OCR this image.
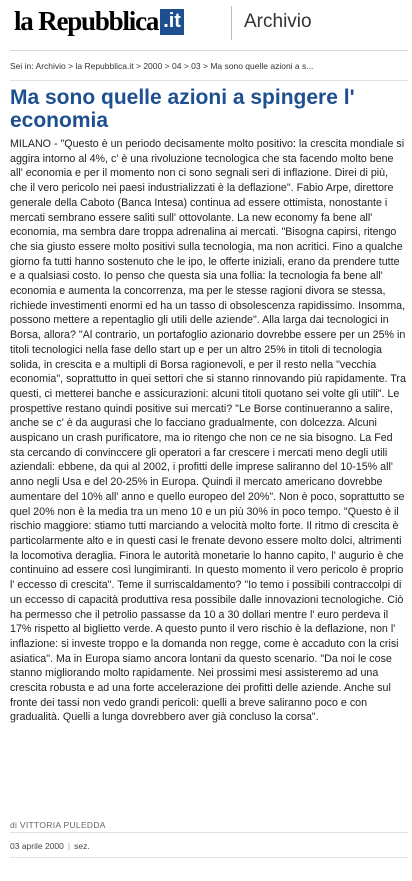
la Repubblica .it	Archivio
Sei in: Archivio > la Repubblica.it > 2000 > 04 > 03 > Ma sono quelle azioni a s...
Ma sono quelle azioni a spingere l' economia

MILANO - "Questo è un periodo decisamente molto positivo: la crescita mondiale si aggira intorno al 4%, c' è una rivoluzione tecnologica che sta facendo molto bene all' economia e per il momento non ci sono segnali seri di inflazione. Direi di più, che il vero pericolo nei paesi industrializzati è la deflazione". Fabio Arpe, direttore generale della Caboto (Banca Intesa) continua ad essere ottimista, nonostante i mercati sembrano essere saliti sull' ottovolante. La new economy fa bene all' economia, ma sembra dare troppa adrenalina ai mercati. "Bisogna capirsi, ritengo che sia giusto essere molto positivi sulla tecnologia, ma non acritici. Fino a qualche giorno fa tutti hanno sostenuto che le ipo, le offerte iniziali, erano da prendere tutte e a qualsiasi costo. Io penso che questa sia una follia: la tecnologia fa bene all' economia e aumenta la concorrenza, ma per le stesse ragioni divora se stessa, richiede investimenti enormi ed ha un tasso di obsolescenza rapidissimo. Insomma, possono mettere a repentaglio gli utili delle aziende". Alla larga dai tecnologici in Borsa, allora? "Al contrario, un portafoglio azionario dovrebbe essere per un 25% in titoli tecnologici nella fase dello start up e per un altro 25% in titoli di tecnologia solida, in crescita e a multipli di Borsa ragionevoli, e per il resto nella "vecchia economia", soprattutto in quei settori che si stanno rinnovando più rapidamente. Tra questi, ci metterei banche e assicurazioni: alcuni titoli quotano sei volte gli utili". Le prospettive restano quindi positive sui mercati? "Le Borse continueranno a salire, anche se c' è da augurasi che lo facciano gradualmente, con dolcezza. Alcuni auspicano un crash purificatore, ma io ritengo che non ce ne sia bisogno. La Fed sta cercando di convinccere gli operatori a far crescere i mercati meno degli utili aziendali: ebbene, da qui al 2002, i profitti delle imprese saliranno del 10-15% all' anno negli Usa e del 20-25% in Europa. Quindi il mercato americano dovrebbe aumentare del 10% all' anno e quello europeo del 20%". Non è poco, soprattutto se quel 20% non è la media tra un meno 10 e un più 30% in poco tempo. "Questo è il rischio maggiore: stiamo tutti marciando a velocità molto forte. Il ritmo di crescita è particolarmente alto e in questi casi le frenate devono essere molto dolci, altrimenti la locomotiva deraglia. Finora le autorità monetarie lo hanno capito, l' augurio è che continuino ad essere così lungimiranti. In questo momento il vero pericolo è proprio l' eccesso di crescita". Teme il surriscaldamento? "Io temo i possibili contraccolpi di un eccesso di capacità produttiva resa possibile dalle innovazioni tecnologiche. Ciò ha permesso che il petrolio passasse da 10 a 30 dollari mentre l' euro perdeva il 17% rispetto al biglietto verde. A questo punto il vero rischio è la deflazione, non l' inflazione: si investe troppo e la domanda non regge, come è accaduto con la crisi asiatica". Ma in Europa siamo ancora lontani da questo scenario. "Da noi le cose stanno migliorando molto rapidamente. Nei prossimi mesi assisteremo ad una crescita robusta e ad una forte accelerazione dei profitti delle aziende. Anche sul fronte dei tassi non vedo grandi pericoli: quelli a breve saliranno poco e con gradualità. Quelli a lunga dovrebbero aver già concluso la corsa".

di VITTORIA PULEDDA
03 aprile 2000 | sez.
